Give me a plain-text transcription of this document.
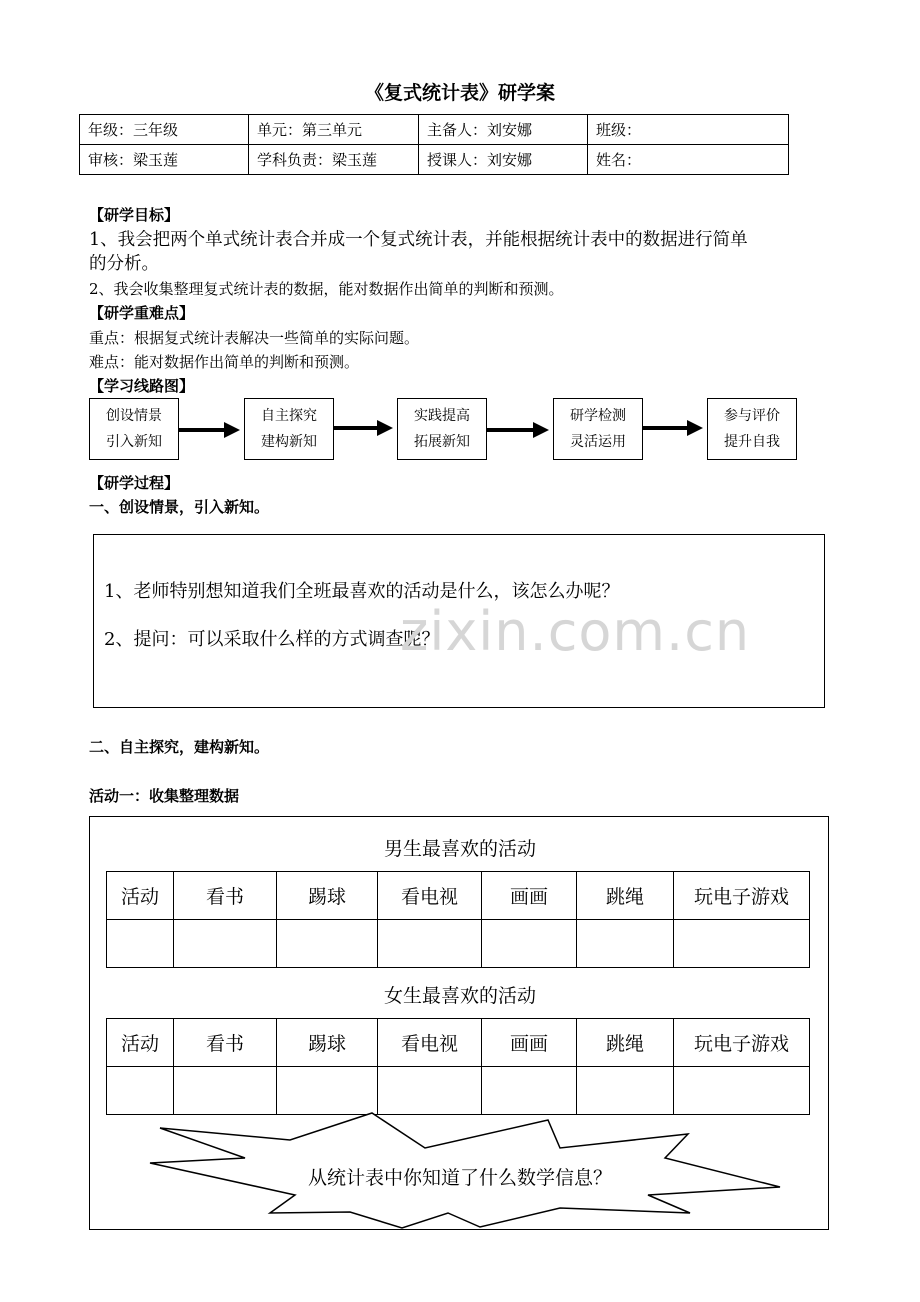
《复式统计表》研学案
年级：三年级	单元：第三单元	主备人：刘安娜	班级：
审核：梁玉莲	学科负责：梁玉莲	授课人：刘安娜	姓名：
【研学目标】
1、我会把两个单式统计表合并成一个复式统计表，并能根据统计表中的数据进行简单
的分析。
2、我会收集整理复式统计表的数据，能对数据作出简单的判断和预测。
【研学重难点】
重点：根据复式统计表解决一些简单的实际问题。
难点：能对数据作出简单的判断和预测。
【学习线路图】
创设情景
引入新知
自主探究
建构新知
实践提高
拓展新知
研学检测
灵活运用
参与评价
提升自我
【研学过程】
一、创设情景，引入新知。
1、老师特别想知道我们全班最喜欢的活动是什么，该怎么办呢？
2、提问：可以采取什么样的方式调查呢？
zixin.com.cn
二、自主探究，建构新知。
活动一：收集整理数据
男生最喜欢的活动
活动	看书	踢球	看电视	画画	跳绳	玩电子游戏

女生最喜欢的活动
活动	看书	踢球	看电视	画画	跳绳	玩电子游戏

从统计表中你知道了什么数学信息？
